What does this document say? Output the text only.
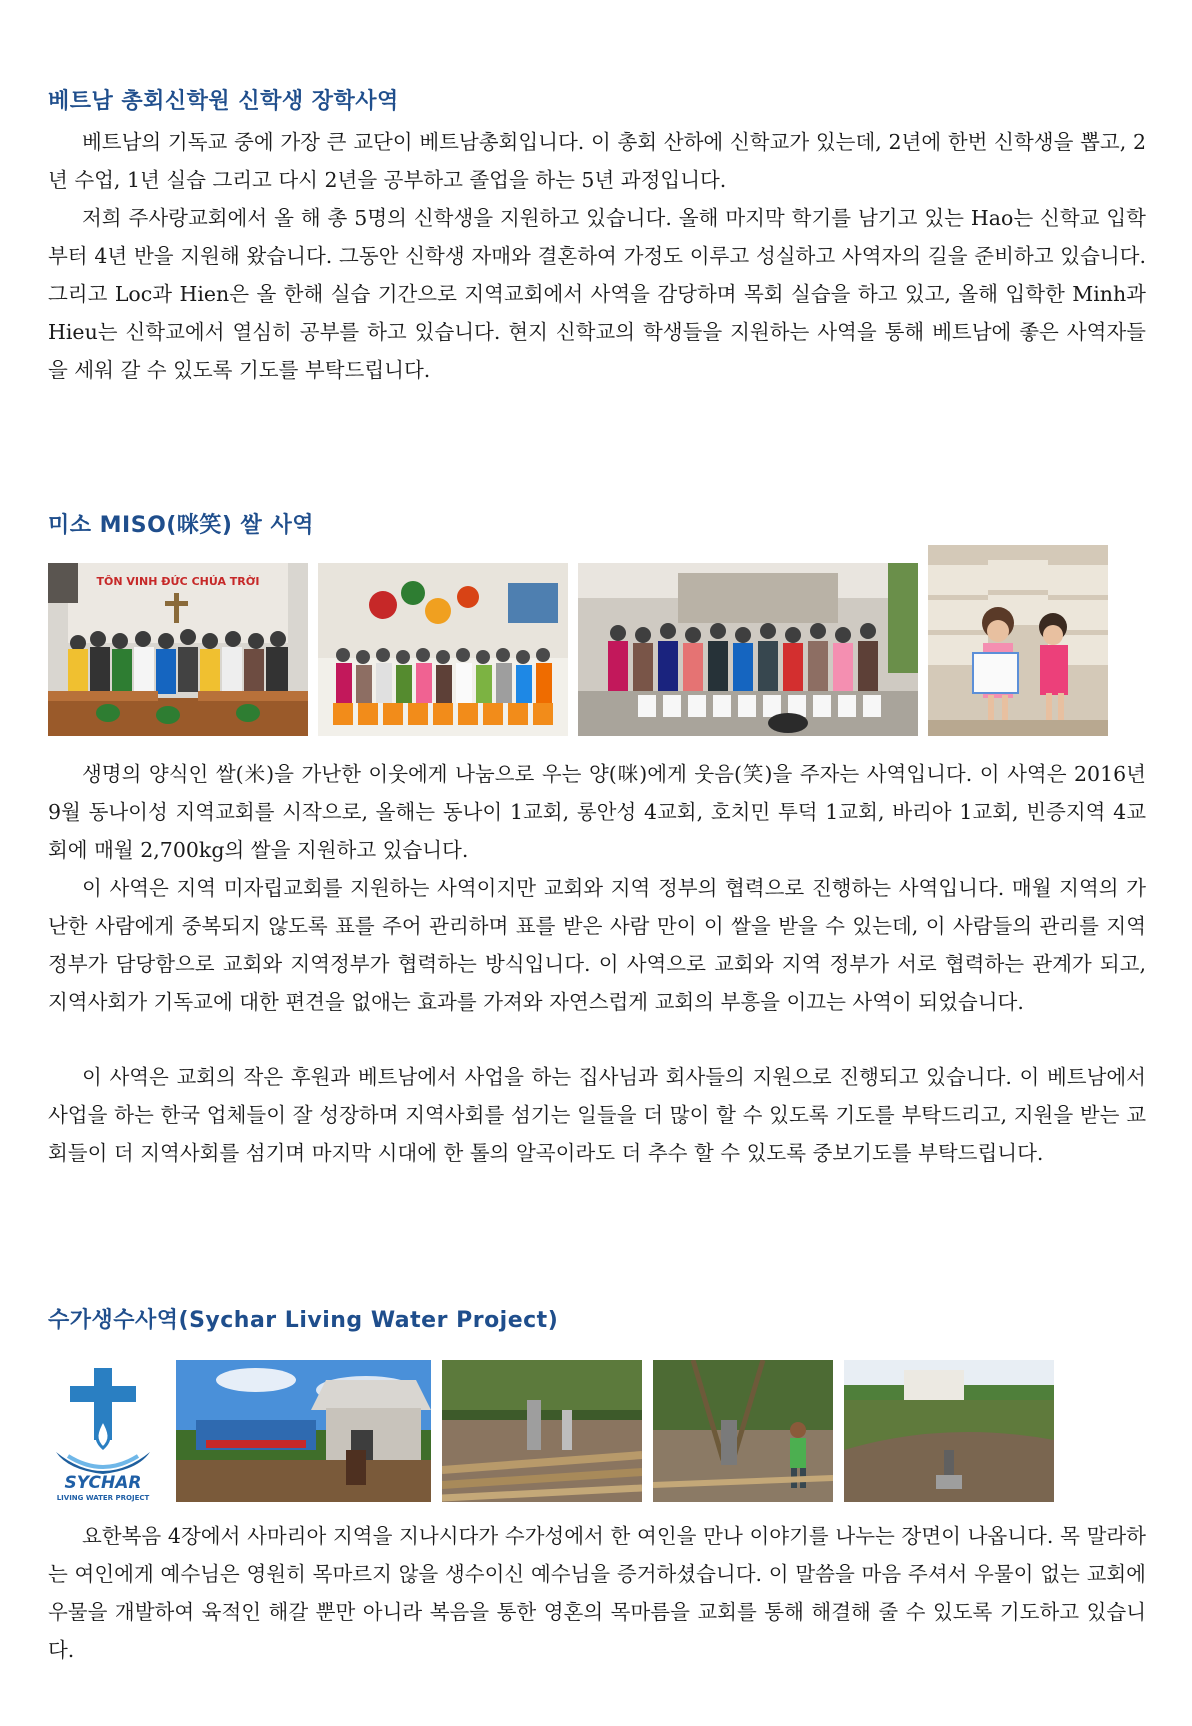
베트남 총회신학원 신학생 장학사역

베트남의 기독교 중에 가장 큰 교단이 베트남총회입니다. 이 총회 산하에 신학교가 있는데, 2년에 한번 신학생을 뽑고, 2년 수업, 1년 실습 그리고 다시 2년을 공부하고 졸업을 하는 5년 과정입니다.

저희 주사랑교회에서 올 해 총 5명의 신학생을 지원하고 있습니다. 올해 마지막 학기를 남기고 있는 Hao는 신학교 입학부터 4년 반을 지원해 왔습니다. 그동안 신학생 자매와 결혼하여 가정도 이루고 성실하고 사역자의 길을 준비하고 있습니다. 그리고 Loc과 Hien은 올 한해 실습 기간으로 지역교회에서 사역을 감당하며 목회 실습을 하고 있고, 올해 입학한 Minh과 Hieu는 신학교에서 열심히 공부를 하고 있습니다. 현지 신학교의 학생들을 지원하는 사역을 통해 베트남에 좋은 사역자들을 세워 갈 수 있도록 기도를 부탁드립니다.

미소 MISO(咪笑) 쌀 사역
TÔN VINH ĐỨC CHÚA TRỜI

생명의 양식인 쌀(米)을 가난한 이웃에게 나눔으로 우는 양(咪)에게 웃음(笑)을 주자는 사역입니다. 이 사역은 2016년 9월 동나이성 지역교회를 시작으로, 올해는 동나이 1교회, 롱안성 4교회, 호치민 투덕 1교회, 바리아 1교회, 빈증지역 4교회에 매월 2,700kg의 쌀을 지원하고 있습니다.

이 사역은 지역 미자립교회를 지원하는 사역이지만 교회와 지역 정부의 협력으로 진행하는 사역입니다. 매월 지역의 가난한 사람에게 중복되지 않도록 표를 주어 관리하며 표를 받은 사람 만이 이 쌀을 받을 수 있는데, 이 사람들의 관리를 지역 정부가 담당함으로 교회와 지역정부가 협력하는 방식입니다. 이 사역으로 교회와 지역 정부가 서로 협력하는 관계가 되고, 지역사회가 기독교에 대한 편견을 없애는 효과를 가져와 자연스럽게 교회의 부흥을 이끄는 사역이 되었습니다.

이 사역은 교회의 작은 후원과 베트남에서 사업을 하는 집사님과 회사들의 지원으로 진행되고 있습니다. 이 베트남에서 사업을 하는 한국 업체들이 잘 성장하며 지역사회를 섬기는 일들을 더 많이 할 수 있도록 기도를 부탁드리고, 지원을 받는 교회들이 더 지역사회를 섬기며 마지막 시대에 한 톨의 알곡이라도 더 추수 할 수 있도록 중보기도를 부탁드립니다.

수가생수사역(Sychar Living Water Project)
SYCHAR
LIVING WATER PROJECT

요한복음 4장에서 사마리아 지역을 지나시다가 수가성에서 한 여인을 만나 이야기를 나누는 장면이 나옵니다. 목 말라하는 여인에게 예수님은 영원히 목마르지 않을 생수이신 예수님을 증거하셨습니다. 이 말씀을 마음 주셔서 우물이 없는 교회에 우물을 개발하여 육적인 해갈 뿐만 아니라 복음을 통한 영혼의 목마름을 교회를 통해 해결해 줄 수 있도록 기도하고 있습니다.
